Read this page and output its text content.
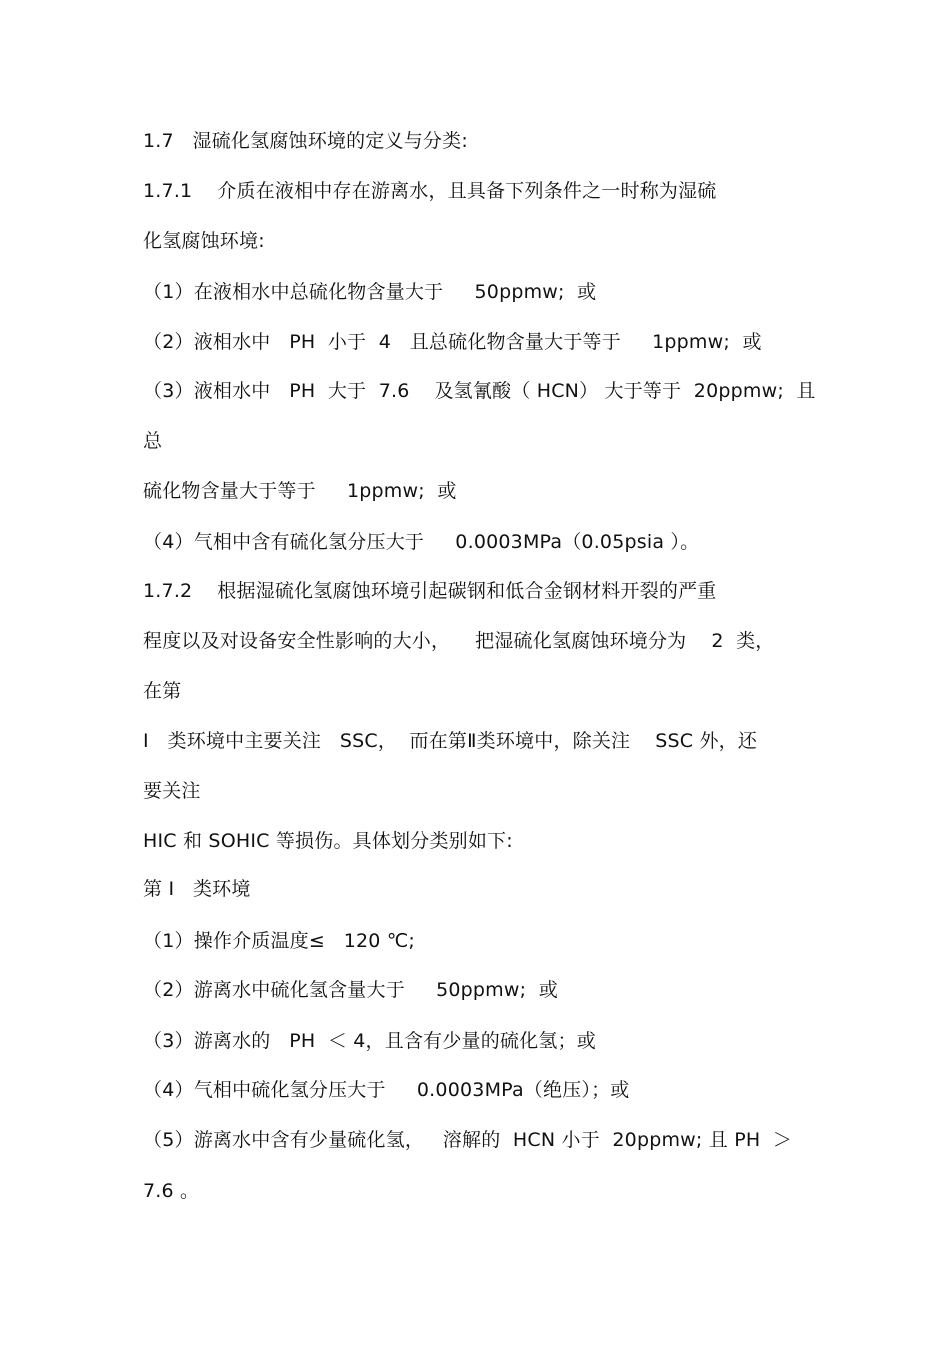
1.7   湿硫化氢腐蚀环境的定义与分类:
1.7.1    介质在液相中存在游离水，且具备下列条件之一时称为湿硫
化氢腐蚀环境:
（1）在液相水中总硫化物含量大于     50ppmw;  或
（2）液相水中   PH  小于  4   且总硫化物含量大于等于     1ppmw;  或
（3）液相水中   PH  大于  7.6    及氢氰酸（ HCN） 大于等于  20ppmw;  且
总
硫化物含量大于等于     1ppmw;  或
（4）气相中含有硫化氢分压大于     0.0003MPa（0.05psia ）。
1.7.2    根据湿硫化氢腐蚀环境引起碳钢和低合金钢材料开裂的严重
程度以及对设备安全性影响的大小，    把湿硫化氢腐蚀环境分为    2  类，
在第
I   类环境中主要关注   SSC，  而在第Ⅱ类环境中，除关注    SSC 外，还
要关注
HIC 和 SOHIC 等损伤。具体划分类别如下:
第 I   类环境
（1）操作介质温度≤   120 ℃;
（2）游离水中硫化氢含量大于     50ppmw;  或
（3）游离水的   PH  ＜ 4，且含有少量的硫化氢；或
（4）气相中硫化氢分压大于     0.0003MPa（绝压）；或
（5）游离水中含有少量硫化氢，   溶解的  HCN 小于  20ppmw; 且 PH  ＞
7.6 。
